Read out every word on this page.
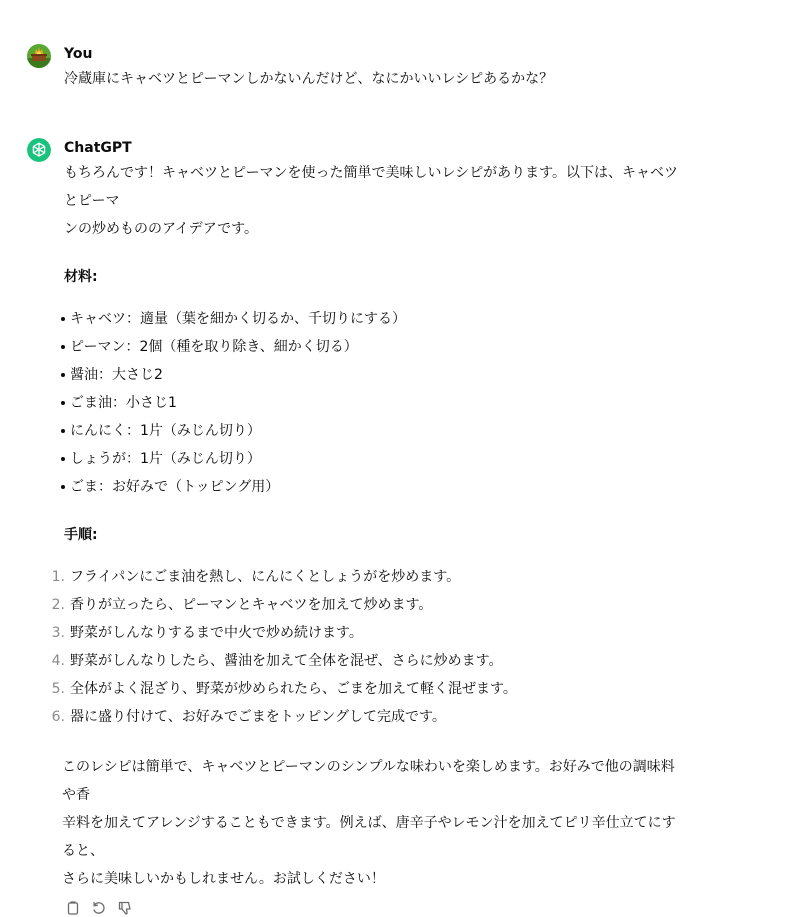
You
冷蔵庫にキャベツとピーマンしかないんだけど、なにかいいレシピあるかな？
ChatGPT
もちろんです！キャベツとピーマンを使った簡単で美味しいレシピがあります。以下は、キャベツとピーマ
ンの炒めもののアイデアです。
材料:
キャベツ：適量（葉を細かく切るか、千切りにする）
ピーマン：2個（種を取り除き、細かく切る）
醤油：大さじ2
ごま油：小さじ1
にんにく：1片（みじん切り）
しょうが：1片（みじん切り）
ごま：お好みで（トッピング用）
手順:
1. フライパンにごま油を熱し、にんにくとしょうがを炒めます。
2. 香りが立ったら、ピーマンとキャベツを加えて炒めます。
3. 野菜がしんなりするまで中火で炒め続けます。
4. 野菜がしんなりしたら、醤油を加えて全体を混ぜ、さらに炒めます。
5. 全体がよく混ざり、野菜が炒められたら、ごまを加えて軽く混ぜます。
6. 器に盛り付けて、お好みでごまをトッピングして完成です。
このレシピは簡単で、キャベツとピーマンのシンプルな味わいを楽しめます。お好みで他の調味料や香
辛料を加えてアレンジすることもできます。例えば、唐辛子やレモン汁を加えてピリ辛仕立てにすると、
さらに美味しいかもしれません。お試しください！
